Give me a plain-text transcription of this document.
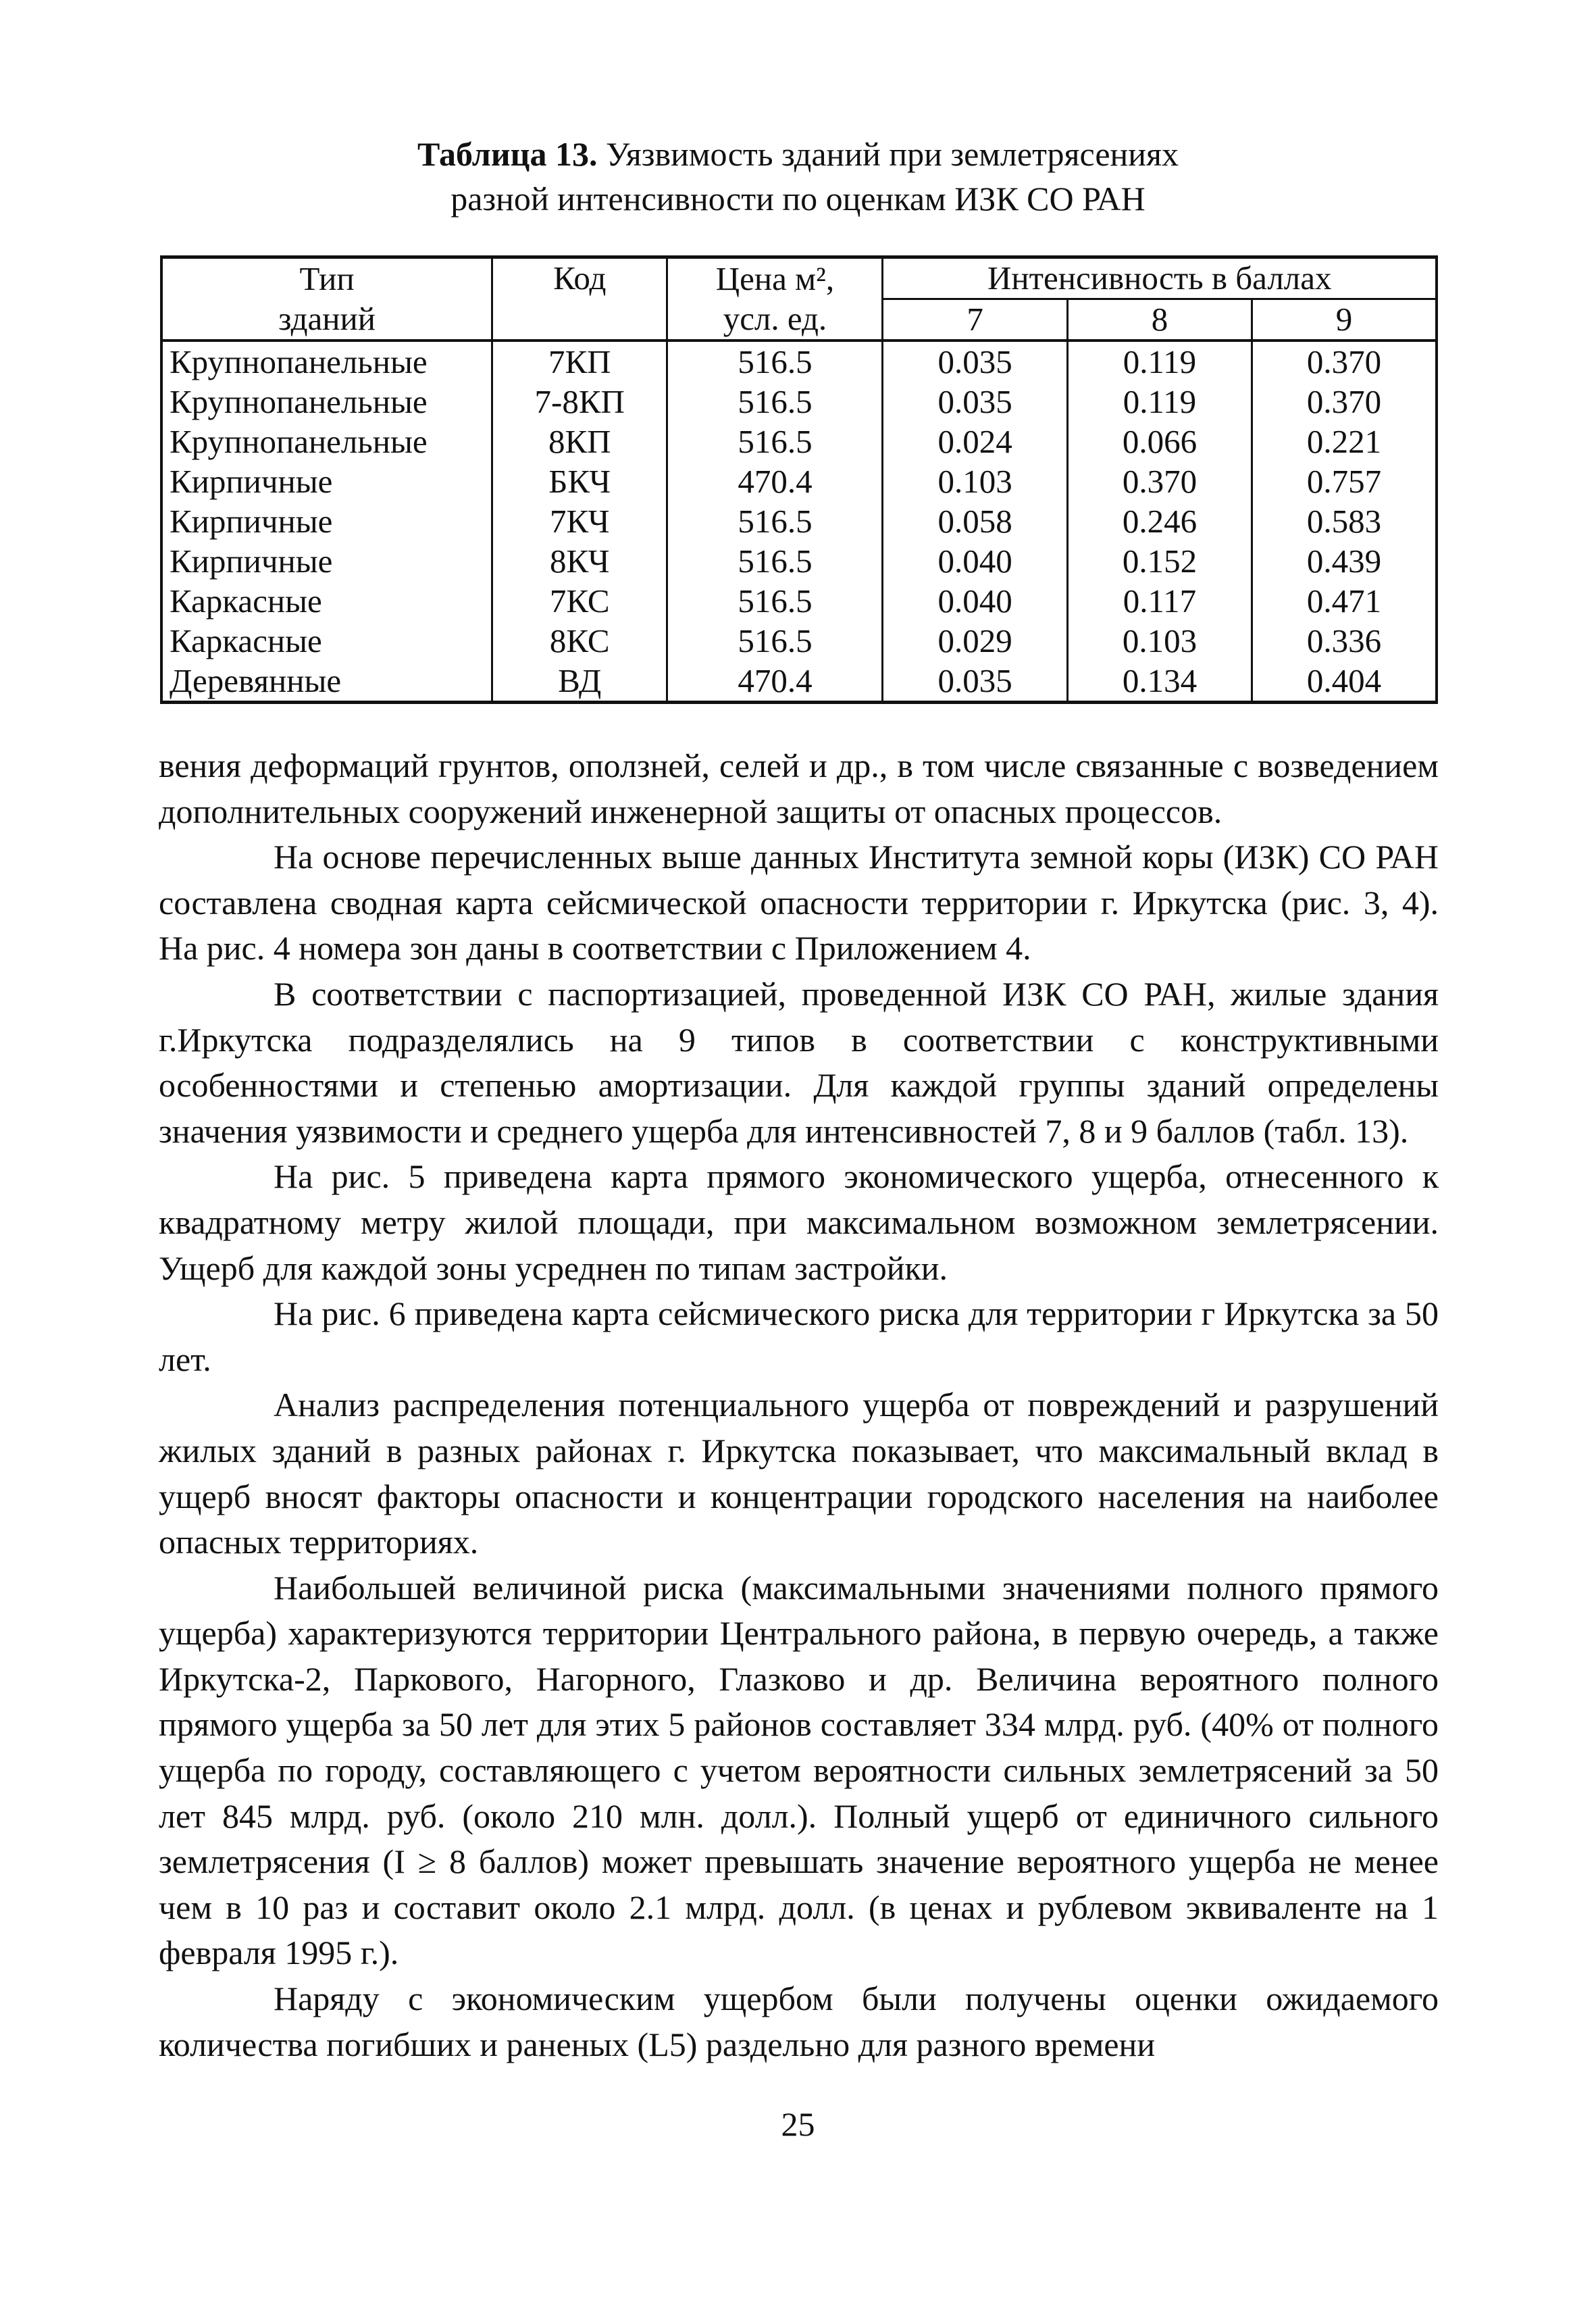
Таблица 13. Уязвимость зданий при землетрясениях
разной интенсивности по оценкам ИЗК СО РАН
Тип	Код	Цена м²,	Интенсивность в баллах		
зданий		усл. ед.	7	8	9
Крупнопанельные	7КП	516.5	0.035	0.119	0.370
Крупнопанельные	7-8КП	516.5	0.035	0.119	0.370
Крупнопанельные	8КП	516.5	0.024	0.066	0.221
Кирпичные	БКЧ	470.4	0.103	0.370	0.757
Кирпичные	7КЧ	516.5	0.058	0.246	0.583
Кирпичные	8КЧ	516.5	0.040	0.152	0.439
Каркасные	7КС	516.5	0.040	0.117	0.471
Каркасные	8КС	516.5	0.029	0.103	0.336
Деревянные	ВД	470.4	0.035	0.134	0.404

вения деформаций грунтов, оползней, селей и др., в том числе связанные с возведением дополнительных сооружений инженерной защиты от опасных процессов.

На основе перечисленных выше данных Института земной коры (ИЗК) СО РАН составлена сводная карта сейсмической опасности территории г. Иркутска (рис. 3, 4). На рис. 4 номера зон даны в соответствии с Приложением 4.

В соответствии с паспортизацией, проведенной ИЗК СО РАН, жилые здания г.Иркутска подразделялись на 9 типов в соответствии с конструктивными особенностями и степенью амортизации. Для каждой группы зданий определены значения уязвимости и среднего ущерба для интенсивностей 7, 8 и 9 баллов (табл. 13).

На рис. 5 приведена карта прямого экономического ущерба, отнесенного к квадратному метру жилой площади, при максимальном возможном землетрясении. Ущерб для каждой зоны усреднен по типам застройки.

На рис. 6 приведена карта сейсмического риска для территории г Иркутска за 50 лет.

Анализ распределения потенциального ущерба от повреждений и разрушений жилых зданий в разных районах г. Иркутска показывает, что максимальный вклад в ущерб вносят факторы опасности и концентрации городского населения на наиболее опасных территориях.

Наибольшей величиной риска (максимальными значениями полного прямого ущерба) характеризуются территории Центрального района, в первую очередь, а также Иркутска-2, Паркового, Нагорного, Глазково и др. Величина вероятного полного прямого ущерба за 50 лет для этих 5 районов составляет 334 млрд. руб. (40% от полного ущерба по городу, составляющего с учетом вероятности сильных землетрясений за 50 лет 845 млрд. руб. (около 210 млн. долл.). Полный ущерб от единичного сильного землетрясения (I ≥ 8 баллов) может превышать значение вероятного ущерба не менее чем в 10 раз и составит около 2.1 млрд. долл. (в ценах и рублевом эквиваленте на 1 февраля 1995 г.).

Наряду с экономическим ущербом были получены оценки ожидаемого количества погибших и раненых (L5) раздельно для разного времени

25
